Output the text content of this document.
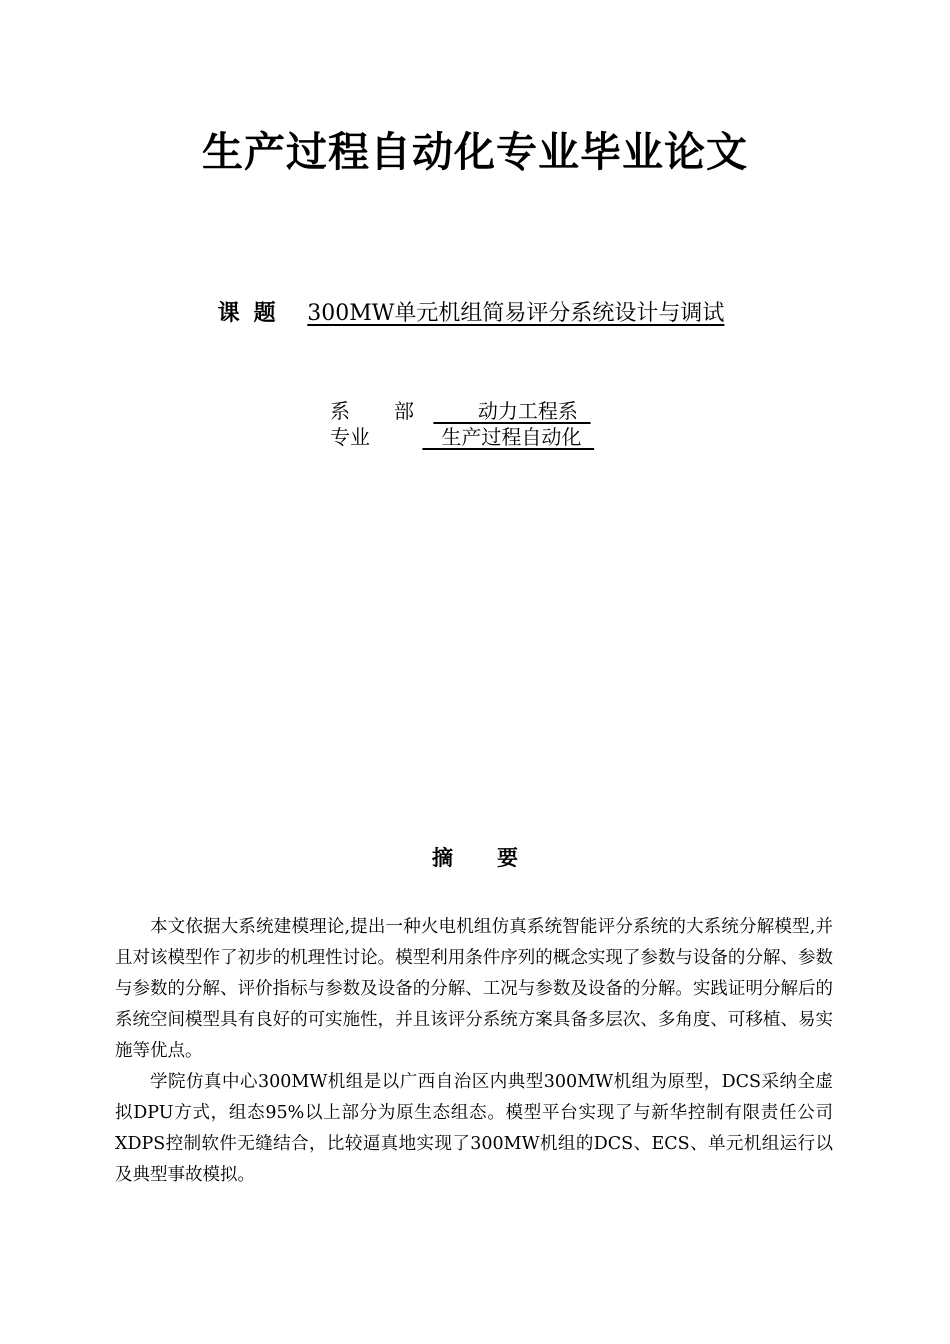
生产过程自动化专业毕业论文
课题 300MW单元机组简易评分系统设计与调试
系部        动力工程系
专业	生产过程自动化
摘要

本文依据大系统建模理论,提出一种火电机组仿真系统智能评分系统的大系统分解模型,并且对该模型作了初步的机理性讨论。模型利用条件序列的概念实现了参数与设备的分解、参数与参数的分解、评价指标与参数及设备的分解、工况与参数及设备的分解。实践证明分解后的系统空间模型具有良好的可实施性，并且该评分系统方案具备多层次、多角度、可移植、易实施等优点。

学院仿真中心300MW机组是以广西自治区内典型300MW机组为原型，DCS采纳全虚拟DPU方式，组态95%以上部分为原生态组态。模型平台实现了与新华控制有限责任公司XDPS控制软件无缝结合，比较逼真地实现了300MW机组的DCS、ECS、单元机组运行以及典型事故模拟。
